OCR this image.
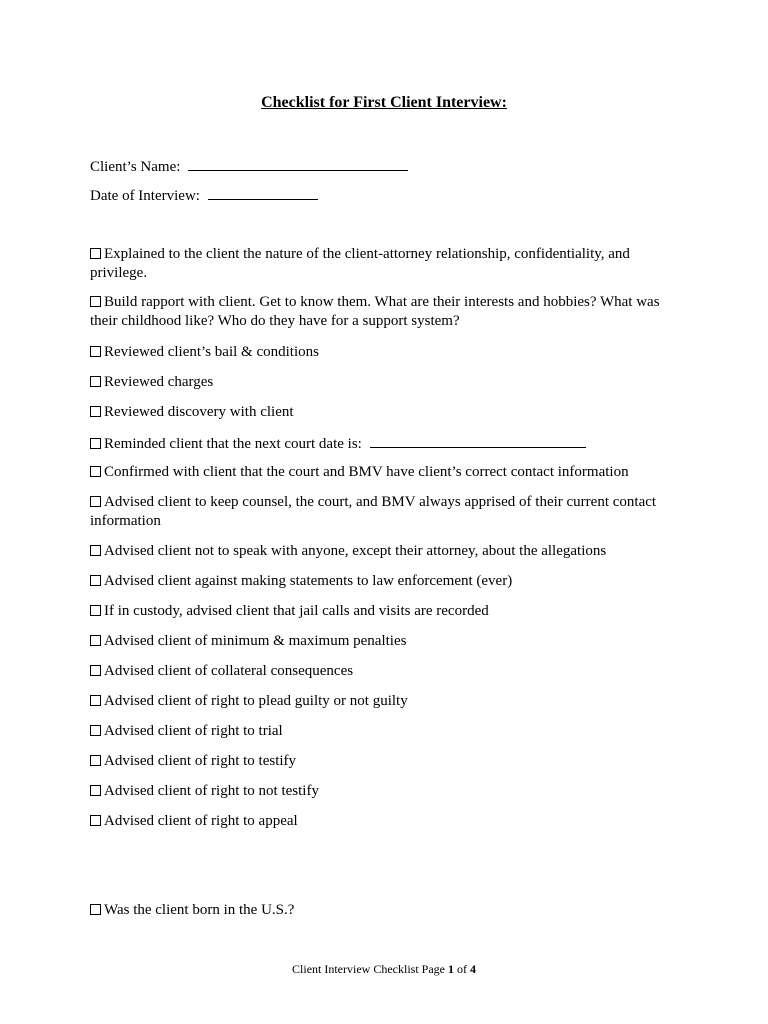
Checklist for First Client Interview:
Client’s Name:
Date of Interview:
Explained to the client the nature of the client-attorney relationship, confidentiality, and privilege.
Build rapport with client. Get to know them. What are their interests and hobbies? What was their childhood like? Who do they have for a support system?
Reviewed client’s bail & conditions
Reviewed charges
Reviewed discovery with client
Reminded client that the next court date is:
Confirmed with client that the court and BMV have client’s correct contact information
Advised client to keep counsel, the court, and BMV always apprised of their current contact information
Advised client not to speak with anyone, except their attorney, about the allegations
Advised client against making statements to law enforcement (ever)
If in custody, advised client that jail calls and visits are recorded
Advised client of minimum & maximum penalties
Advised client of collateral consequences
Advised client of right to plead guilty or not guilty
Advised client of right to trial
Advised client of right to testify
Advised client of right to not testify
Advised client of right to appeal
Was the client born in the U.S.?
Client Interview Checklist Page 1 of 4
